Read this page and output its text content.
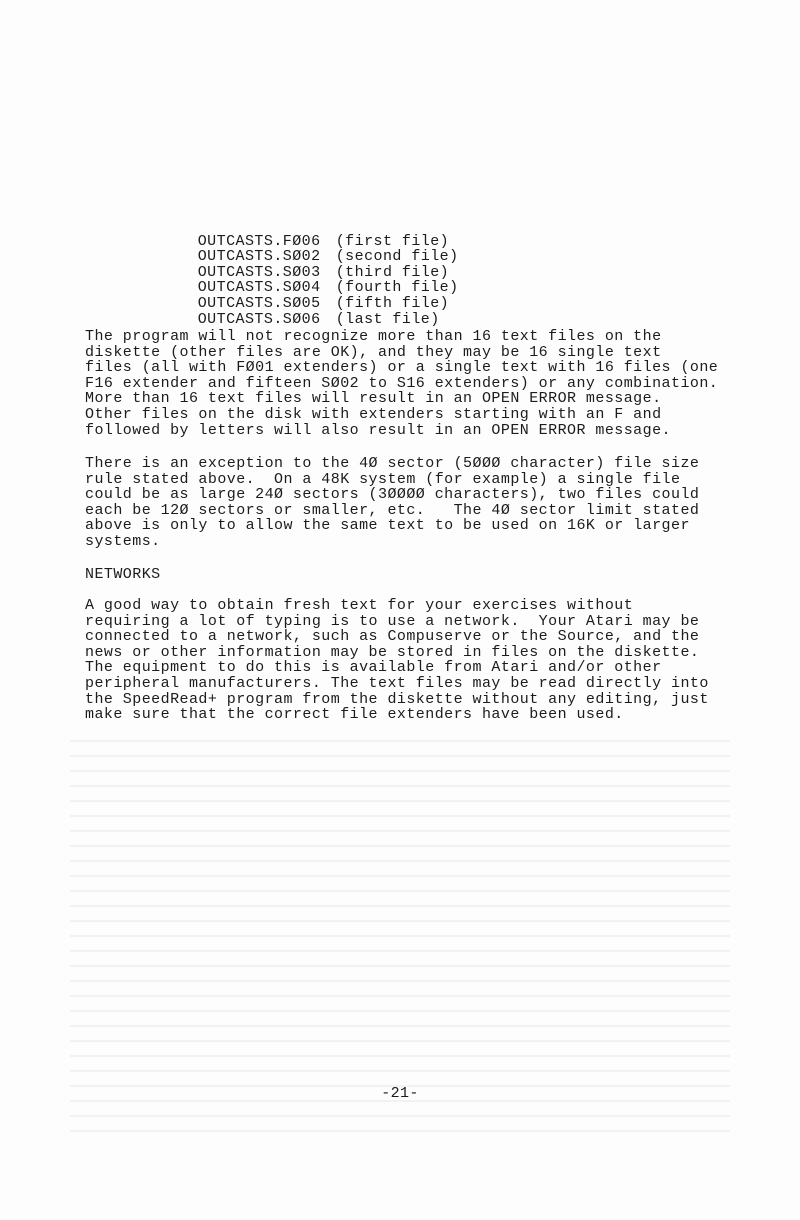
OUTCASTS.FØ06 (first file)

OUTCASTS.SØ02 (second file)

OUTCASTS.SØ03 (third file)

OUTCASTS.SØ04 (fourth file)

OUTCASTS.SØ05 (fifth file)

OUTCASTS.SØ06 (last file)

The program will not recognize more than 16 text files on the
diskette (other files are OK), and they may be 16 single text
files (all with FØ01 extenders) or a single text with 16 files (one
F16 extender and fifteen SØ02 to S16 extenders) or any combination.
More than 16 text files will result in an OPEN ERROR message.
Other files on the disk with extenders starting with an F and
followed by letters will also result in an OPEN ERROR message.
There is an exception to the 4Ø sector (5ØØØ character) file size
rule stated above.  On a 48K system (for example) a single file
could be as large 24Ø sectors (3ØØØØ characters), two files could
each be 12Ø sectors or smaller, etc.   The 4Ø sector limit stated
above is only to allow the same text to be used on 16K or larger
systems.
NETWORKS
A good way to obtain fresh text for your exercises without
requiring a lot of typing is to use a network.  Your Atari may be
connected to a network, such as Compuserve or the Source, and the
news or other information may be stored in files on the diskette.
The equipment to do this is available from Atari and/or other
peripheral manufacturers. The text files may be read directly into
the SpeedRead+ program from the diskette without any editing, just
make sure that the correct file extenders have been used.
-21-
